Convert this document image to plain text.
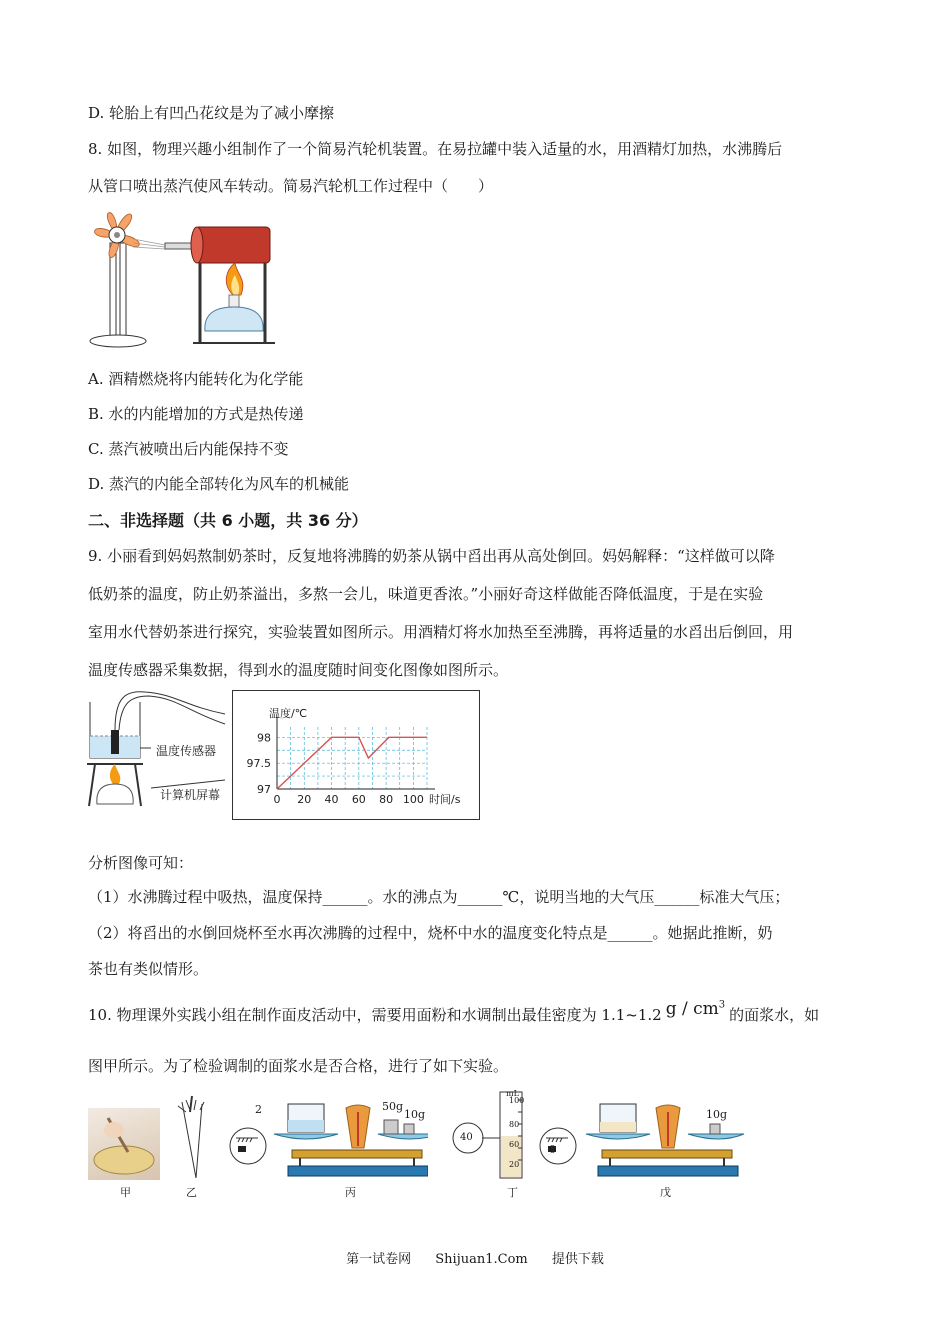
D. 轮胎上有凹凸花纹是为了减小摩擦
8. 如图，物理兴趣小组制作了一个简易汽轮机装置。在易拉罐中装入适量的水，用酒精灯加热，水沸腾后
从管口喷出蒸汽使风车转动。简易汽轮机工作过程中（　　）
A. 酒精燃烧将内能转化为化学能
B. 水的内能增加的方式是热传递
C. 蒸汽被喷出后内能保持不变
D. 蒸汽的内能全部转化为风车的机械能
二、非选择题（共 6 小题，共 36 分）
9. 小丽看到妈妈熬制奶茶时，反复地将沸腾的奶茶从锅中舀出再从高处倒回。妈妈解释：“这样做可以降
低奶茶的温度，防止奶茶溢出，多熬一会儿，味道更香浓。”小丽好奇这样做能否降低温度，于是在实验
室用水代替奶茶进行探究，实验装置如图所示。用酒精灯将水加热至至沸腾，再将适量的水舀出后倒回，用
温度传感器采集数据，得到水的温度随时间变化图像如图所示。
温度传感器
计算机屏幕	0 20 40 60 80 100
97
97.5
98
温度/℃
时间/s
分析图像可知：
（1）水沸腾过程中吸热，温度保持______。水的沸点为______℃，说明当地的大气压______标准大气压；
（2）将舀出的水倒回烧杯至水再次沸腾的过程中，烧杯中水的温度变化特点是______。她据此推断，奶
茶也有类似情形。
10. 物理课外实践小组在制作面皮活动中，需要用面粉和水调制出最佳密度为 1.1~1.2 g / $cm^3$的面浆水，如
图甲所示。为了检验调制的面浆水是否合格，进行了如下实验。
甲	乙
2	50g
10g
丙
mL
100
80
60
20
40
丁
0
10g
戊
第一试卷网 Shijuan1.Com 提供下载
